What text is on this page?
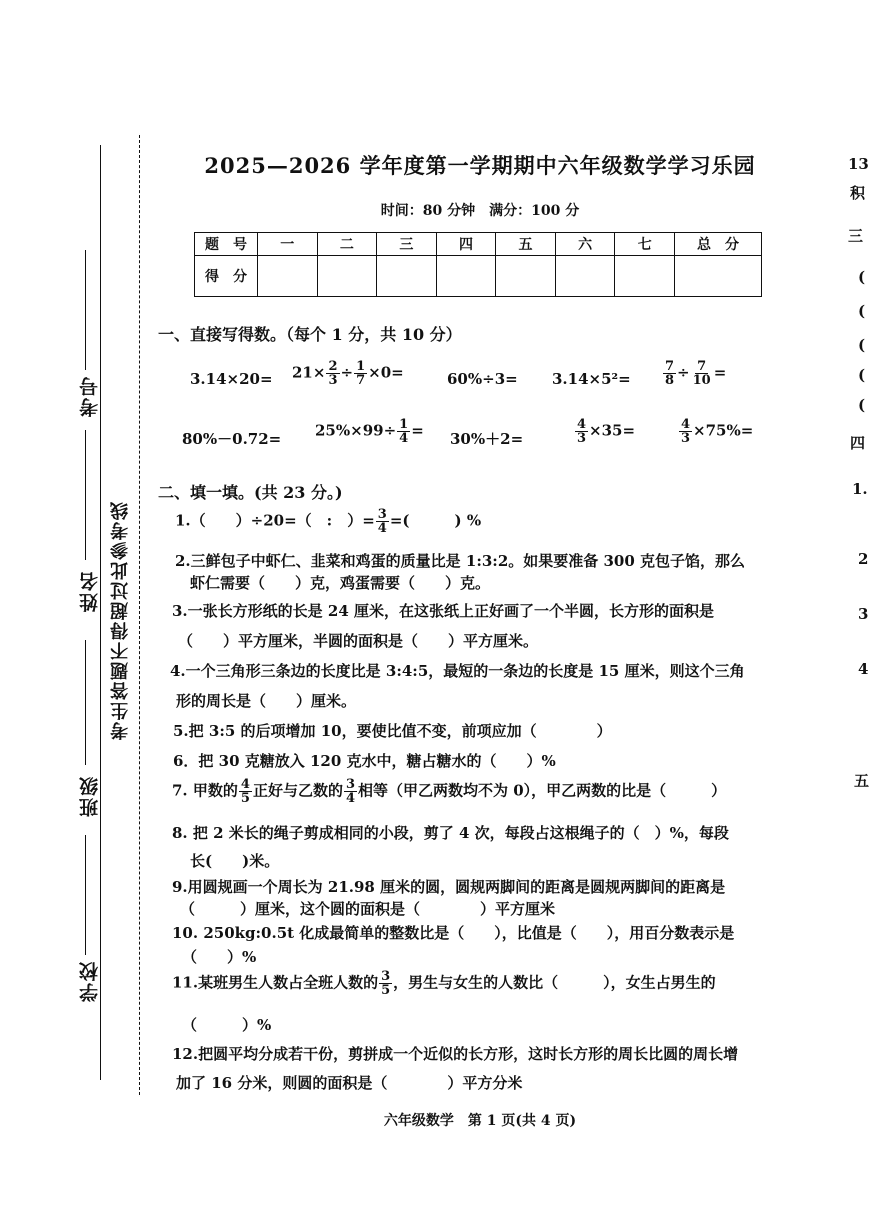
考号
姓名
班级
学校
考生答题不得超过此参考线
2025—2026 学年度第一学期期中六年级数学学习乐园
时间：80 分钟　满分：100 分
题　号	一	二	三	四	五	六	七	总　分
得　分								
一、直接写得数。（每个 1 分，共 10 分）
$3.14\times 20= 21\times \frac{2}{3} \div \frac{1}{7} \times 0=$	$60\%\div 3= 3.14\times 5^2= \frac{7}{8} \div \frac{7}{10}$ =
$80\%-0.72= 25\%\times 99\div \frac{1}{4} = 30\%+2=$	$\frac{4}{3} \times 35=$	$\frac{4}{3} \times 75\%=$
二、填一填。(共 23 分。)
1.（　　）÷20=（　:　）= $\frac{3}{4}$ =(　　　) %
2.三鲜包子中虾仁、韭菜和鸡蛋的质量比是 1:3:2。如果要准备 300 克包子馅，那么
虾仁需要（　　）克，鸡蛋需要（　　）克。
3.一张长方形纸的长是 24 厘米，在这张纸上正好画了一个半圆，长方形的面积是
（　　）平方厘米，半圆的面积是（　　）平方厘米。
4.一个三角形三条边的长度比是 3:4:5，最短的一条边的长度是 15 厘米，则这个三角
形的周长是（　　）厘米。
5.把 3:5 的后项增加 10，要使比值不变，前项应加（　　　　）
6．把 30 克糖放入 120 克水中，糖占糖水的（　　）%
7. 甲数的 $\frac{4}{5}$ 正好与乙数的 $\frac{3}{4}$ 相等（甲乙两数均不为 0），甲乙两数的比是（　　　）
8. 把 2 米长的绳子剪成相同的小段，剪了 4 次，每段占这根绳子的（　）%，每段
长(　　)米。
9.用圆规画一个周长为 21.98 厘米的圆，圆规两脚间的距离是圆规两脚间的距离是
（　　　）厘米，这个圆的面积是（　　　　）平方厘米
10. 250kg:0.5t 化成最简单的整数比是（　　），比值是（　　），用百分数表示是
（　　）%
11.某班男生人数占全班人数的 $\frac{3}{5}$ ，男生与女生的人数比（　　　），女生占男生的
（　　　）%
12.把圆平均分成若干份，剪拼成一个近似的长方形，这时长方形的周长比圆的周长增
加了 16 分米，则圆的面积是（　　　　）平方分米
六年级数学　第 1 页(共 4 页)
13
积
三
(
(
(
(
(
四
1.
2
3
4
五
